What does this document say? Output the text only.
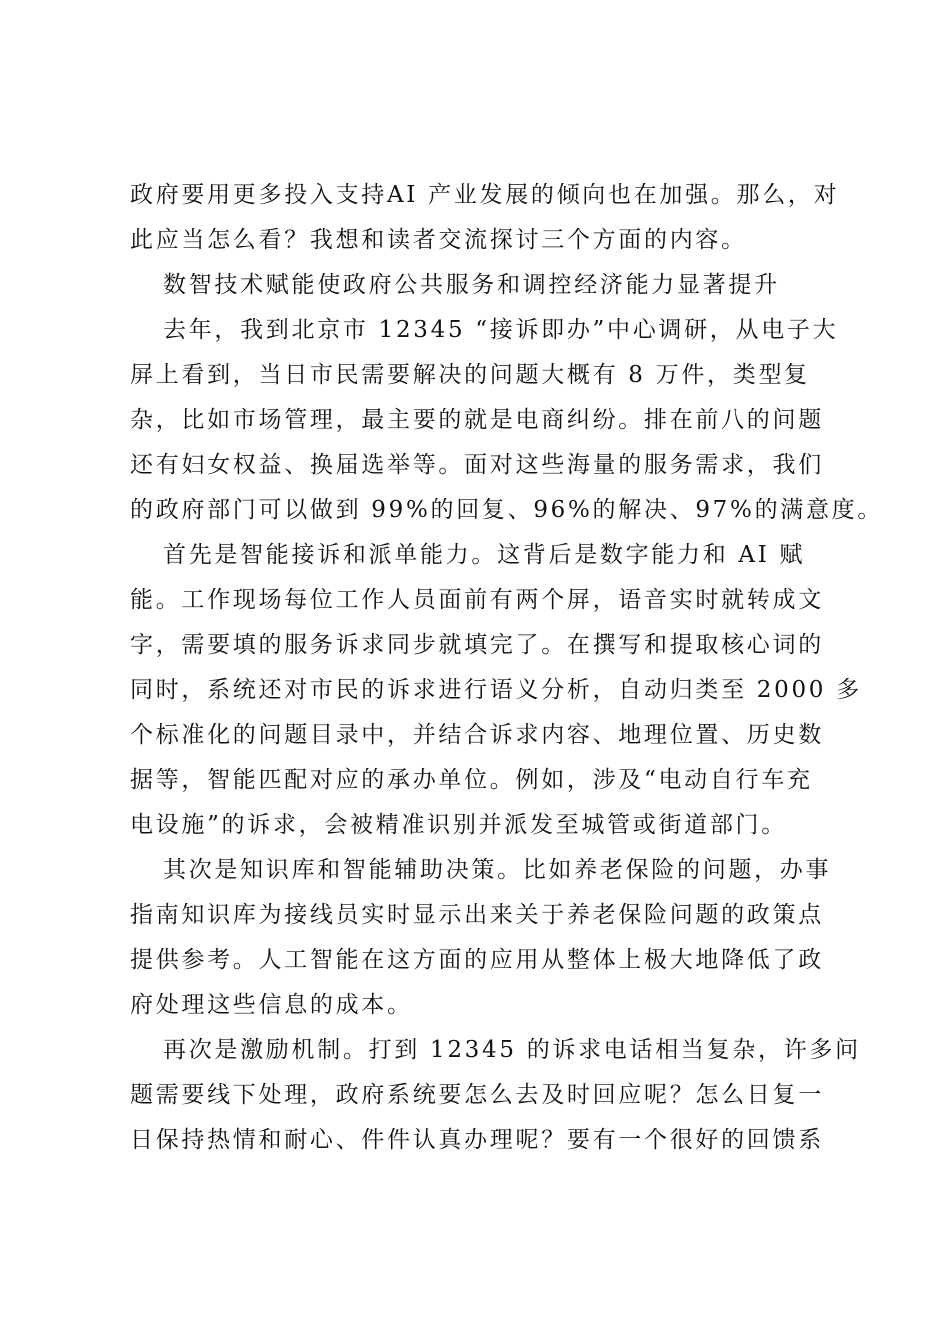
政府要用更多投入支持AI 产业发展的倾向也在加强。那么，对
此应当怎么看？我想和读者交流探讨三个方面的内容。
数智技术赋能使政府公共服务和调控经济能力显著提升
去年，我到北京市 12345 “接诉即办”中心调研，从电子大
屏上看到，当日市民需要解决的问题大概有 8 万件，类型复
杂，比如市场管理，最主要的就是电商纠纷。排在前八的问题
还有妇女权益、换届选举等。面对这些海量的服务需求，我们
的政府部门可以做到 99%的回复、96%的解决、97%的满意度。
首先是智能接诉和派单能力。这背后是数字能力和 AI 赋
能。工作现场每位工作人员面前有两个屏，语音实时就转成文
字，需要填的服务诉求同步就填完了。在撰写和提取核心词的
同时，系统还对市民的诉求进行语义分析，自动归类至 2000 多
个标准化的问题目录中，并结合诉求内容、地理位置、历史数
据等，智能匹配对应的承办单位。例如，涉及“电动自行车充
电设施”的诉求，会被精准识别并派发至城管或街道部门。
其次是知识库和智能辅助决策。比如养老保险的问题，办事
指南知识库为接线员实时显示出来关于养老保险问题的政策点
提供参考。人工智能在这方面的应用从整体上极大地降低了政
府处理这些信息的成本。
再次是激励机制。打到 12345 的诉求电话相当复杂，许多问
题需要线下处理，政府系统要怎么去及时回应呢？怎么日复一
日保持热情和耐心、件件认真办理呢？要有一个很好的回馈系
